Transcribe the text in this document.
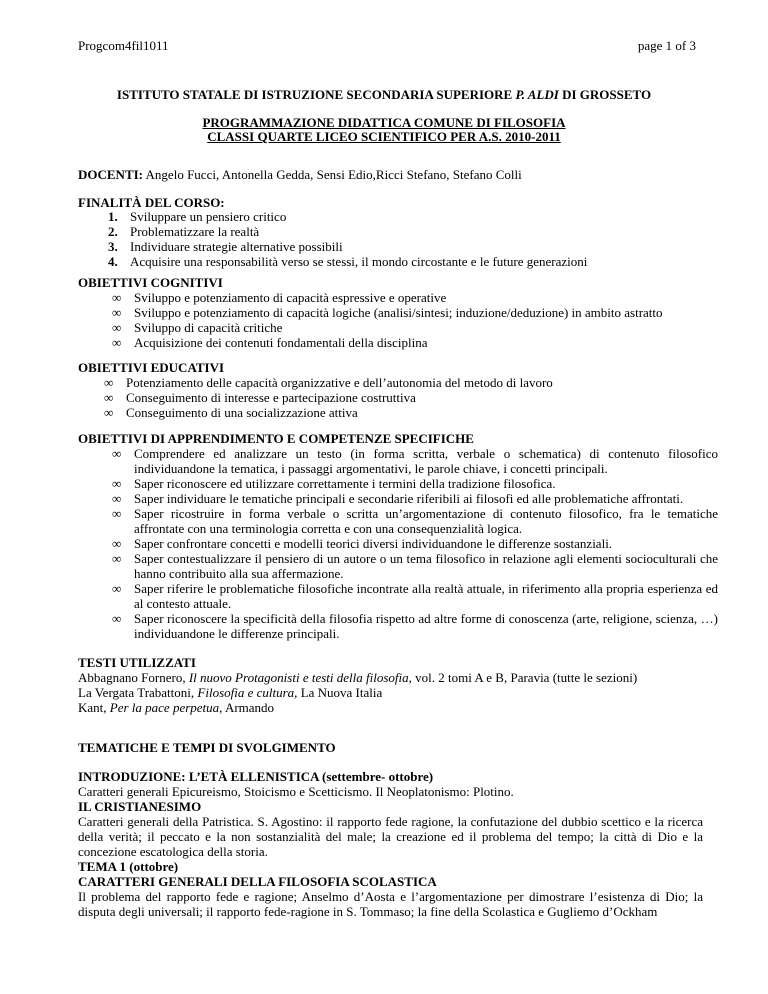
Progcom4fil1011	page 1 of 3
ISTITUTO STATALE DI ISTRUZIONE SECONDARIA SUPERIORE P. ALDI DI GROSSETO
PROGRAMMAZIONE DIDATTICA COMUNE DI FILOSOFIA
CLASSI QUARTE LICEO SCIENTIFICO PER A.S. 2010-2011
DOCENTI: Angelo Fucci, Antonella Gedda, Sensi Edio,Ricci Stefano, Stefano Colli
FINALITÀ DEL CORSO:
1. Sviluppare un pensiero critico
2. Problematizzare la realtà
3. Individuare strategie alternative possibili
4. Acquisire una responsabilità verso se stessi, il mondo circostante e le future generazioni
OBIETTIVI COGNITIVI
∞ Sviluppo e potenziamento di capacità espressive e operative
∞ Sviluppo e potenziamento di capacità logiche (analisi/sintesi; induzione/deduzione) in ambito astratto
∞ Sviluppo di capacità critiche
∞ Acquisizione dei contenuti fondamentali della disciplina
OBIETTIVI EDUCATIVI
∞ Potenziamento delle capacità organizzative e dell’autonomia del metodo di lavoro
∞ Conseguimento di interesse e partecipazione costruttiva
∞ Conseguimento di una socializzazione attiva
OBIETTIVI DI APPRENDIMENTO E COMPETENZE SPECIFICHE
∞ Comprendere ed analizzare un testo (in forma scritta, verbale o schematica) di contenuto filosofico individuandone la tematica, i passaggi argomentativi, le parole chiave, i concetti principali.
∞ Saper riconoscere ed utilizzare correttamente i termini della tradizione filosofica.
∞ Saper individuare le tematiche principali e secondarie riferibili ai filosofi ed alle problematiche affrontati.
∞ Saper ricostruire in forma verbale o scritta un’argomentazione di contenuto filosofico, fra le tematiche affrontate con una terminologia corretta e con una consequenzialità logica.
∞ Saper confrontare concetti e modelli teorici diversi individuandone le differenze sostanziali.
∞ Saper contestualizzare il pensiero di un autore o un tema filosofico in relazione agli elementi socioculturali che hanno contribuito alla sua affermazione.
∞ Saper riferire le problematiche filosofiche incontrate alla realtà attuale, in riferimento alla propria esperienza ed al contesto attuale.
∞ Saper riconoscere la specificità della filosofia rispetto ad altre forme di conoscenza (arte, religione, scienza, …) individuandone le differenze principali.
TESTI UTILIZZATI
Abbagnano Fornero, Il nuovo Protagonisti e testi della filosofia, vol. 2 tomi A e B, Paravia (tutte le sezioni)
La Vergata Trabattoni, Filosofia e cultura, La Nuova Italia
Kant, Per la pace perpetua, Armando
TEMATICHE E TEMPI DI SVOLGIMENTO
INTRODUZIONE: L’ETÀ ELLENISTICA (settembre- ottobre)
Caratteri generali Epicureismo, Stoicismo e Scetticismo. Il Neoplatonismo: Plotino.
IL CRISTIANESIMO
Caratteri generali della Patristica. S. Agostino: il rapporto fede ragione, la confutazione del dubbio scettico e la ricerca della verità; il peccato e la non sostanzialità del male; la creazione ed il problema del tempo; la città di Dio e la concezione escatologica della storia.
TEMA 1 (ottobre)
CARATTERI GENERALI DELLA FILOSOFIA SCOLASTICA
Il problema del rapporto fede e ragione; Anselmo d’Aosta e l’argomentazione per dimostrare l’esistenza di Dio; la disputa degli universali; il rapporto fede-ragione in S. Tommaso; la fine della Scolastica e Gugliemo d’Ockham
